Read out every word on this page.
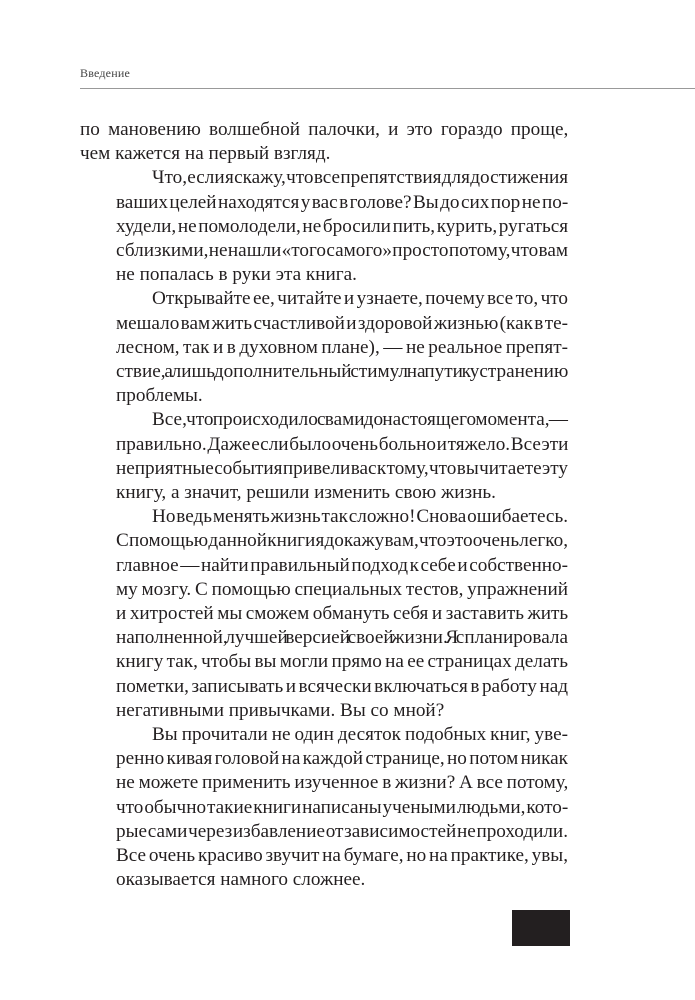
Введение
по мановению волшебной палочки, и это гораздо проще,
чем кажется на первый взгляд.
Что, если я скажу, что все препятствия для достижения
ваших целей находятся у вас в голове? Вы до сих пор не по-
худели, не помолодели, не бросили пить, курить, ругаться
с близкими, не нашли «того самого» просто потому, что вам
не попалась в руки эта книга.
Открывайте ее, читайте и узнаете, почему все то, что
мешало вам жить счастливой и здоровой жизнью (как в те-
лесном, так и в духовном плане), — не реальное препят-
ствие, а лишь дополнительный стимул на пути к устранению
проблемы.
Все, что происходило с вами до настоящего момента, —
правильно. Даже если было очень больно и тяжело. Все эти
неприятные события привели вас к тому, что вы читаете эту
книгу, а значит, решили изменить свою жизнь.
Но ведь менять жизнь так сложно! Снова ошибаетесь.
С помощью данной книги я докажу вам, что это очень легко,
главное — найти правильный подход к себе и собственно-
му мозгу. С помощью специальных тестов, упражнений
и хитростей мы сможем обмануть себя и заставить жить
наполненной, лучшей версией своей жизни. Я спланировала
книгу так, чтобы вы могли прямо на ее страницах делать
пометки, записывать и всячески включаться в работу над
негативными привычками. Вы со мной?
Вы прочитали не один десяток подобных книг, уве-
ренно кивая головой на каждой странице, но потом никак
не можете применить изученное в жизни? А все потому,
что обычно такие книги написаны учеными людьми, кото-
рые сами через избавление от зависимостей не проходили.
Все очень красиво звучит на бумаге, но на практике, увы,
оказывается намного сложнее.
